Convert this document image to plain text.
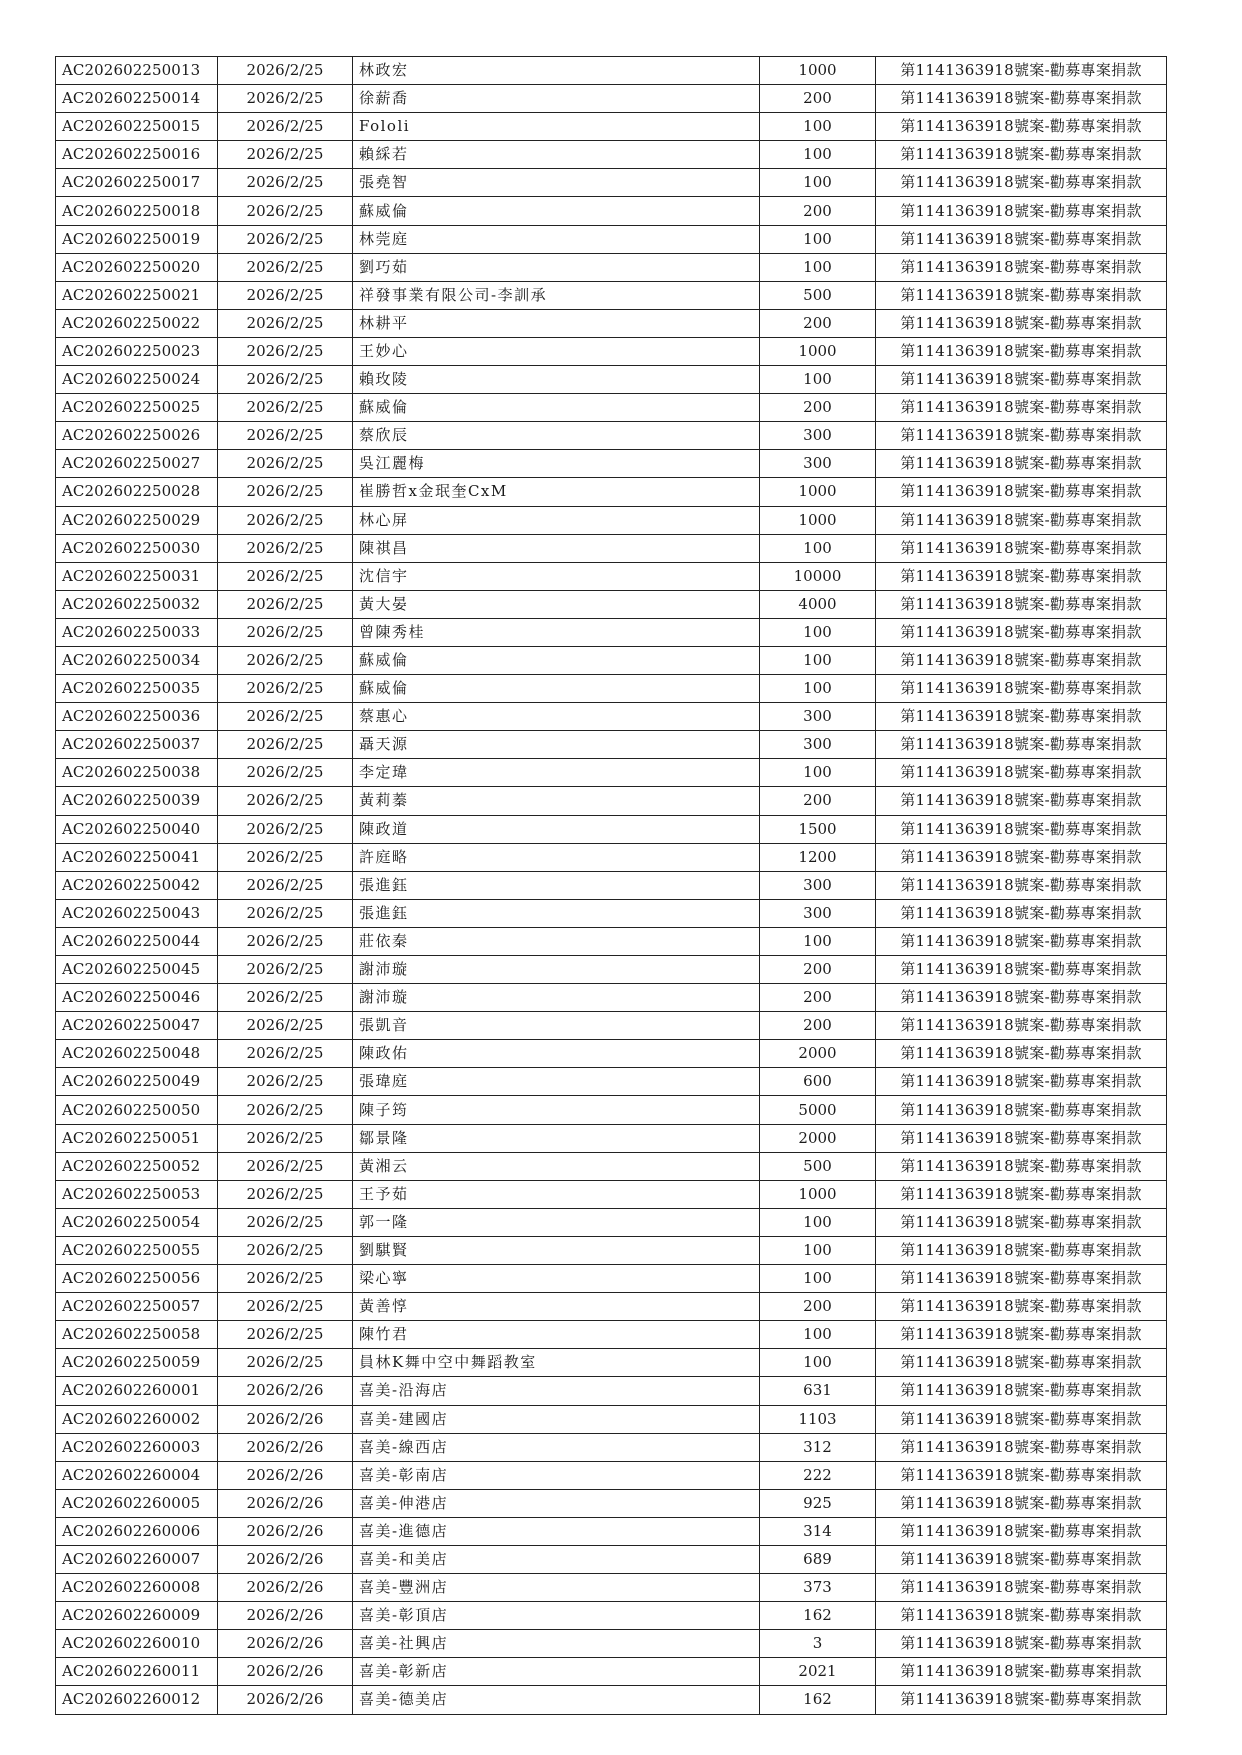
AC202602250013	2026/2/25	林政宏	1000	第1141363918號案-勸募專案捐款
AC202602250014	2026/2/25	徐薪喬	200	第1141363918號案-勸募專案捐款
AC202602250015	2026/2/25	Fololi	100	第1141363918號案-勸募專案捐款
AC202602250016	2026/2/25	賴綵若	100	第1141363918號案-勸募專案捐款
AC202602250017	2026/2/25	張堯智	100	第1141363918號案-勸募專案捐款
AC202602250018	2026/2/25	蘇威倫	200	第1141363918號案-勸募專案捐款
AC202602250019	2026/2/25	林莞庭	100	第1141363918號案-勸募專案捐款
AC202602250020	2026/2/25	劉巧茹	100	第1141363918號案-勸募專案捐款
AC202602250021	2026/2/25	祥發事業有限公司-李訓承	500	第1141363918號案-勸募專案捐款
AC202602250022	2026/2/25	林耕平	200	第1141363918號案-勸募專案捐款
AC202602250023	2026/2/25	王妙心	1000	第1141363918號案-勸募專案捐款
AC202602250024	2026/2/25	賴玫陵	100	第1141363918號案-勸募專案捐款
AC202602250025	2026/2/25	蘇威倫	200	第1141363918號案-勸募專案捐款
AC202602250026	2026/2/25	蔡欣辰	300	第1141363918號案-勸募專案捐款
AC202602250027	2026/2/25	吳江麗梅	300	第1141363918號案-勸募專案捐款
AC202602250028	2026/2/25	崔勝哲x金珉奎CxM	1000	第1141363918號案-勸募專案捐款
AC202602250029	2026/2/25	林心屏	1000	第1141363918號案-勸募專案捐款
AC202602250030	2026/2/25	陳祺昌	100	第1141363918號案-勸募專案捐款
AC202602250031	2026/2/25	沈信宇	10000	第1141363918號案-勸募專案捐款
AC202602250032	2026/2/25	黃大晏	4000	第1141363918號案-勸募專案捐款
AC202602250033	2026/2/25	曾陳秀桂	100	第1141363918號案-勸募專案捐款
AC202602250034	2026/2/25	蘇威倫	100	第1141363918號案-勸募專案捐款
AC202602250035	2026/2/25	蘇威倫	100	第1141363918號案-勸募專案捐款
AC202602250036	2026/2/25	蔡惠心	300	第1141363918號案-勸募專案捐款
AC202602250037	2026/2/25	聶天源	300	第1141363918號案-勸募專案捐款
AC202602250038	2026/2/25	李定瑋	100	第1141363918號案-勸募專案捐款
AC202602250039	2026/2/25	黃莉蓁	200	第1141363918號案-勸募專案捐款
AC202602250040	2026/2/25	陳政道	1500	第1141363918號案-勸募專案捐款
AC202602250041	2026/2/25	許庭略	1200	第1141363918號案-勸募專案捐款
AC202602250042	2026/2/25	張進鈺	300	第1141363918號案-勸募專案捐款
AC202602250043	2026/2/25	張進鈺	300	第1141363918號案-勸募專案捐款
AC202602250044	2026/2/25	莊依秦	100	第1141363918號案-勸募專案捐款
AC202602250045	2026/2/25	謝沛璇	200	第1141363918號案-勸募專案捐款
AC202602250046	2026/2/25	謝沛璇	200	第1141363918號案-勸募專案捐款
AC202602250047	2026/2/25	張凱音	200	第1141363918號案-勸募專案捐款
AC202602250048	2026/2/25	陳政佑	2000	第1141363918號案-勸募專案捐款
AC202602250049	2026/2/25	張瑋庭	600	第1141363918號案-勸募專案捐款
AC202602250050	2026/2/25	陳子筠	5000	第1141363918號案-勸募專案捐款
AC202602250051	2026/2/25	鄒景隆	2000	第1141363918號案-勸募專案捐款
AC202602250052	2026/2/25	黃湘云	500	第1141363918號案-勸募專案捐款
AC202602250053	2026/2/25	王予茹	1000	第1141363918號案-勸募專案捐款
AC202602250054	2026/2/25	郭一隆	100	第1141363918號案-勸募專案捐款
AC202602250055	2026/2/25	劉騏賢	100	第1141363918號案-勸募專案捐款
AC202602250056	2026/2/25	梁心寧	100	第1141363918號案-勸募專案捐款
AC202602250057	2026/2/25	黃善惇	200	第1141363918號案-勸募專案捐款
AC202602250058	2026/2/25	陳竹君	100	第1141363918號案-勸募專案捐款
AC202602250059	2026/2/25	員林K舞中空中舞蹈教室	100	第1141363918號案-勸募專案捐款
AC202602260001	2026/2/26	喜美-沿海店	631	第1141363918號案-勸募專案捐款
AC202602260002	2026/2/26	喜美-建國店	1103	第1141363918號案-勸募專案捐款
AC202602260003	2026/2/26	喜美-線西店	312	第1141363918號案-勸募專案捐款
AC202602260004	2026/2/26	喜美-彰南店	222	第1141363918號案-勸募專案捐款
AC202602260005	2026/2/26	喜美-伸港店	925	第1141363918號案-勸募專案捐款
AC202602260006	2026/2/26	喜美-進德店	314	第1141363918號案-勸募專案捐款
AC202602260007	2026/2/26	喜美-和美店	689	第1141363918號案-勸募專案捐款
AC202602260008	2026/2/26	喜美-豐洲店	373	第1141363918號案-勸募專案捐款
AC202602260009	2026/2/26	喜美-彰頂店	162	第1141363918號案-勸募專案捐款
AC202602260010	2026/2/26	喜美-社興店	3	第1141363918號案-勸募專案捐款
AC202602260011	2026/2/26	喜美-彰新店	2021	第1141363918號案-勸募專案捐款
AC202602260012	2026/2/26	喜美-德美店	162	第1141363918號案-勸募專案捐款
